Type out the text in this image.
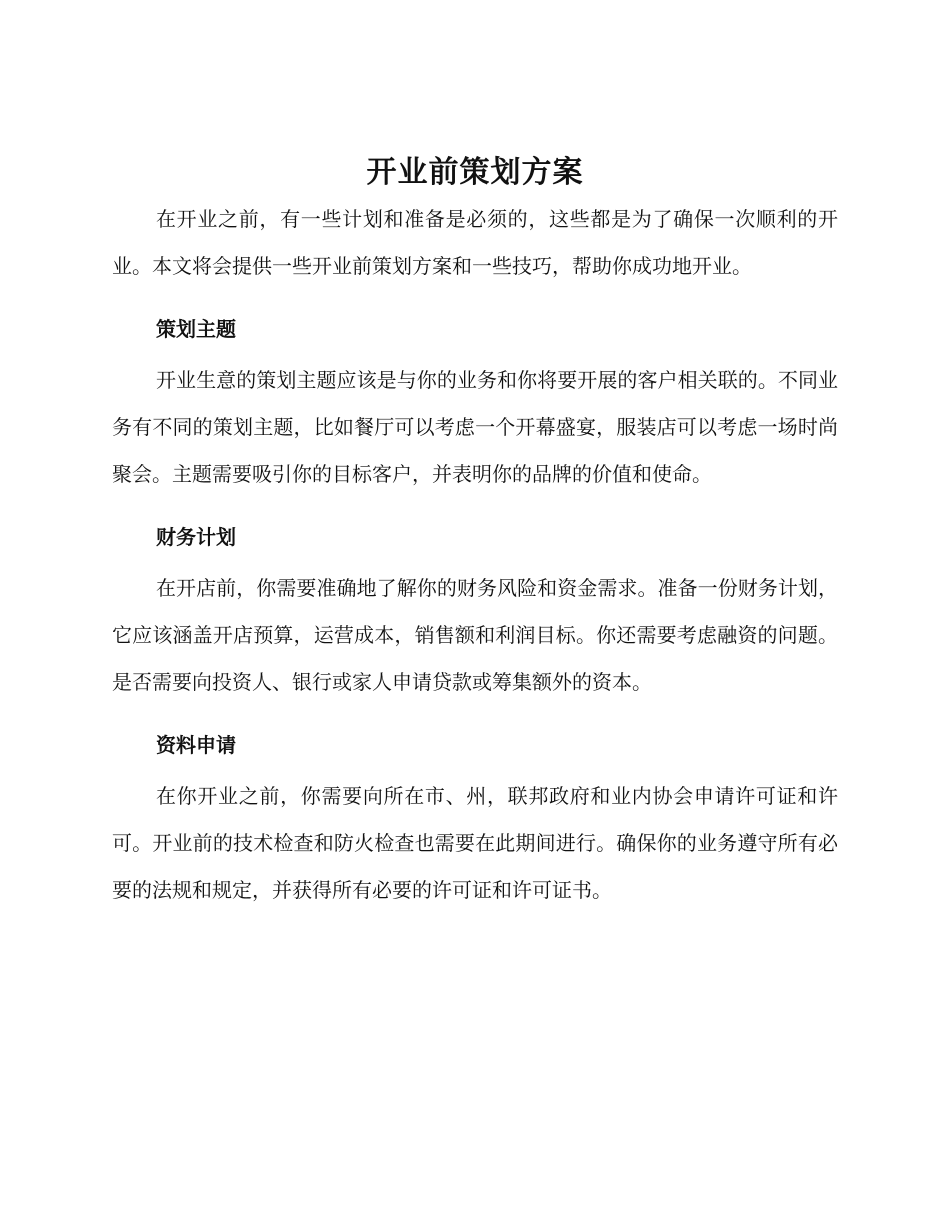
开业前策划方案

在开业之前，有一些计划和准备是必须的，这些都是为了确保一次顺利的开业。本文将会提供一些开业前策划方案和一些技巧，帮助你成功地开业。

策划主题

开业生意的策划主题应该是与你的业务和你将要开展的客户相关联的。不同业务有不同的策划主题，比如餐厅可以考虑一个开幕盛宴，服装店可以考虑一场时尚聚会。主题需要吸引你的目标客户，并表明你的品牌的价值和使命。

财务计划

在开店前，你需要准确地了解你的财务风险和资金需求。准备一份财务计划，它应该涵盖开店预算，运营成本，销售额和利润目标。你还需要考虑融资的问题。是否需要向投资人、银行或家人申请贷款或筹集额外的资本。

资料申请

在你开业之前，你需要向所在市、州，联邦政府和业内协会申请许可证和许可。开业前的技术检查和防火检查也需要在此期间进行。确保你的业务遵守所有必要的法规和规定，并获得所有必要的许可证和许可证书。
